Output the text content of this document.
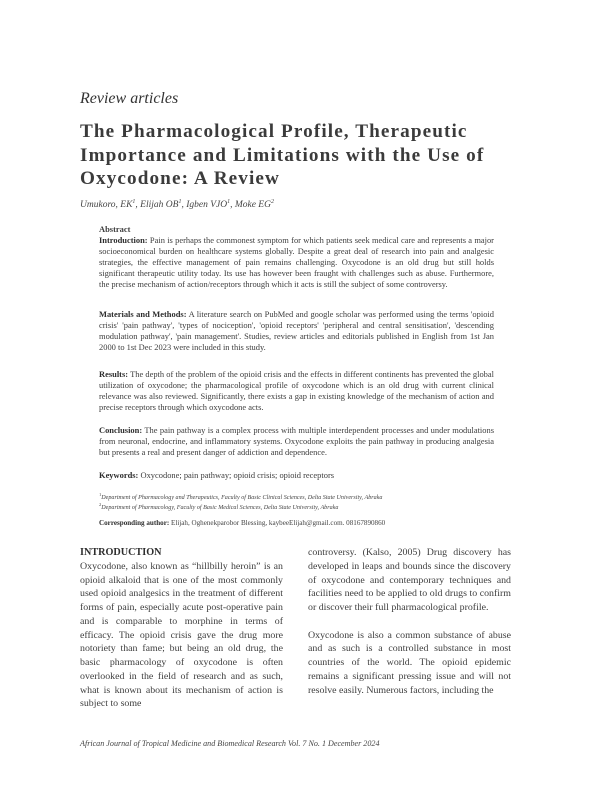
Review articles
The Pharmacological Profile, Therapeutic Importance and Limitations with the Use of Oxycodone: A Review
Umukoro, $EK^1$, Elijah $OB^1$, Igben VJO$^1$, Moke $EG^2$
Abstract
Introduction: Pain is perhaps the commonest symptom for which patients seek medical care and represents a major socioeconomical burden on healthcare systems globally. Despite a great deal of research into pain and analgesic strategies, the effective management of pain remains challenging. Oxycodone is an old drug but still holds significant therapeutic utility today. Its use has however been fraught with challenges such as abuse. Furthermore, the precise mechanism of action/receptors through which it acts is still the subject of some controversy.
Materials and Methods: A literature search on PubMed and google scholar was performed using the terms 'opioid crisis' 'pain pathway', 'types of nociception', 'opioid receptors' 'peripheral and central sensitisation', 'descending modulation pathway', 'pain management'. Studies, review articles and editorials published in English from 1st Jan 2000 to 1st Dec 2023 were included in this study.
Results: The depth of the problem of the opioid crisis and the effects in different continents has prevented the global utilization of oxycodone; the pharmacological profile of oxycodone which is an old drug with current clinical relevance was also reviewed. Significantly, there exists a gap in existing knowledge of the mechanism of action and precise receptors through which oxycodone acts.
Conclusion: The pain pathway is a complex process with multiple interdependent processes and under modulations from neuronal, endocrine, and inflammatory systems. Oxycodone exploits the pain pathway in producing analgesia but presents a real and present danger of addiction and dependence.
Keywords: Oxycodone; pain pathway; opioid crisis; opioid receptors
$^1$Department of Pharmacology and Therapeutics, Faculty of Basic Clinical Sciences, Delta State University, Abraka
$^2$Department of Pharmacology, Faculty of Basic Medical Sciences, Delta State University, Abraka
Corresponding author: Elijah, Oghenekparobor Blessing, kaybeeElijah@gmail.com. 08167890860
INTRODUCTION
Oxycodone, also known as “hillbilly heroin” is an opioid alkaloid that is one of the most commonly used opioid analgesics in the treatment of different forms of pain, especially acute post-operative pain and is comparable to morphine in terms of efficacy. The opioid crisis gave the drug more notoriety than fame; but being an old drug, the basic pharmacology of oxycodone is often overlooked in the field of research and as such, what is known about its mechanism of action is subject to some
controversy. (Kalso, 2005) Drug discovery has developed in leaps and bounds since the discovery of oxycodone and contemporary techniques and facilities need to be applied to old drugs to confirm or discover their full pharmacological profile.
Oxycodone is also a common substance of abuse and as such is a controlled substance in most countries of the world. The opioid epidemic remains a significant pressing issue and will not resolve easily. Numerous factors, including the
African Journal of Tropical Medicine and Biomedical Research Vol. 7 No. 1 December 2024
